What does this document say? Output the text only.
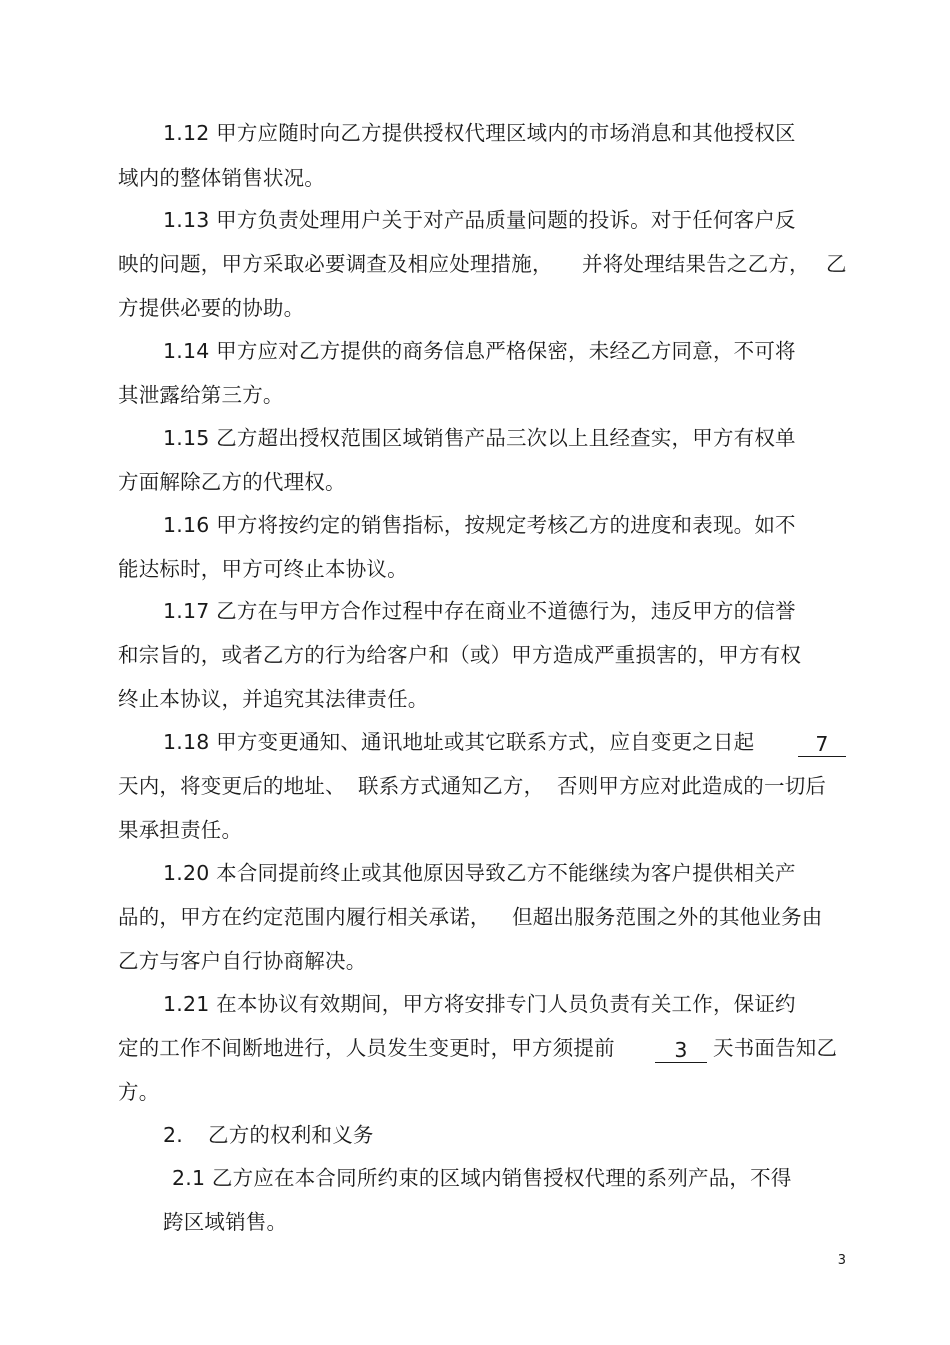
1.12 甲方应随时向乙方提供授权代理区域内的市场消息和其他授权区
域内的整体销售状况。
1.13 甲方负责处理用户关于对产品质量问题的投诉。对于任何客户反
映的问题，甲方采取必要调查及相应处理措施， 并将处理结果告之乙方， 乙
方提供必要的协助。
1.14 甲方应对乙方提供的商务信息严格保密，未经乙方同意，不可将
其泄露给第三方。
1.15 乙方超出授权范围区域销售产品三次以上且经查实，甲方有权单
方面解除乙方的代理权。
1.16 甲方将按约定的销售指标，按规定考核乙方的进度和表现。如不
能达标时，甲方可终止本协议。
1.17 乙方在与甲方合作过程中存在商业不道德行为，违反甲方的信誉
和宗旨的，或者乙方的行为给客户和（或）甲方造成严重损害的，甲方有权
终止本协议，并追究其法律责任。
1.18 甲方变更通知、通讯地址或其它联系方式，应自变更之日起	7
天内，将变更后的地址、 联系方式通知乙方， 否则甲方应对此造成的一切后
果承担责任。
1.20 本合同提前终止或其他原因导致乙方不能继续为客户提供相关产
品的，甲方在约定范围内履行相关承诺， 但超出服务范围之外的其他业务由
乙方与客户自行协商解决。
1.21 在本协议有效期间，甲方将安排专门人员负责有关工作，保证约
定的工作不间断地进行，人员发生变更时，甲方须提前	3	天书面告知乙
方。
2. 乙方的权利和义务
2.1 乙方应在本合同所约束的区域内销售授权代理的系列产品，不得
跨区域销售。
3
